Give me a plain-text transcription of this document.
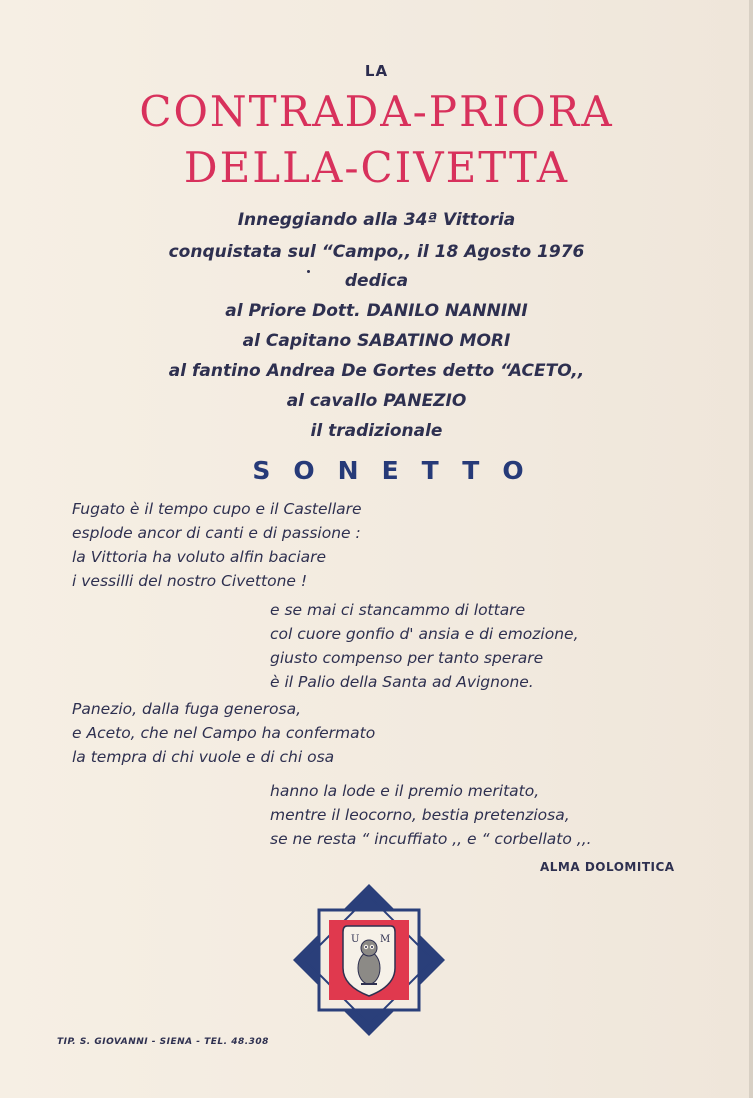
LA
CONTRADA-PRIORA
DELLA-CIVETTA
Inneggiando alla 34ª Vittoria
conquistata sul “Campo,, il 18 Agosto 1976
dedica
al Priore Dott. DANILO NANNINI
al Capitano SABATINO MORI
al fantino Andrea De Gortes detto “ACETO,,
al cavallo PANEZIO
il tradizionale
SONETTO
Fugato è il tempo cupo e il Castellare
esplode ancor di canti e di passione :
la Vittoria ha voluto alfin baciare
i vessilli del nostro Civettone !
e se mai ci stancammo di lottare
col cuore gonfio d' ansia e di emozione,
giusto compenso per tanto sperare
è il Palio della Santa ad Avignone.
Panezio, dalla fuga generosa,
e Aceto, che nel Campo ha confermato
la tempra di chi vuole e di chi osa
hanno la lode e il premio meritato,
mentre il leocorno, bestia pretenziosa,
se ne resta “ incuffiato ,, e “ corbellato ,,.
ALMA DOLOMITICA
U M
TIP. S. GIOVANNI - SIENA - TEL. 48.308
